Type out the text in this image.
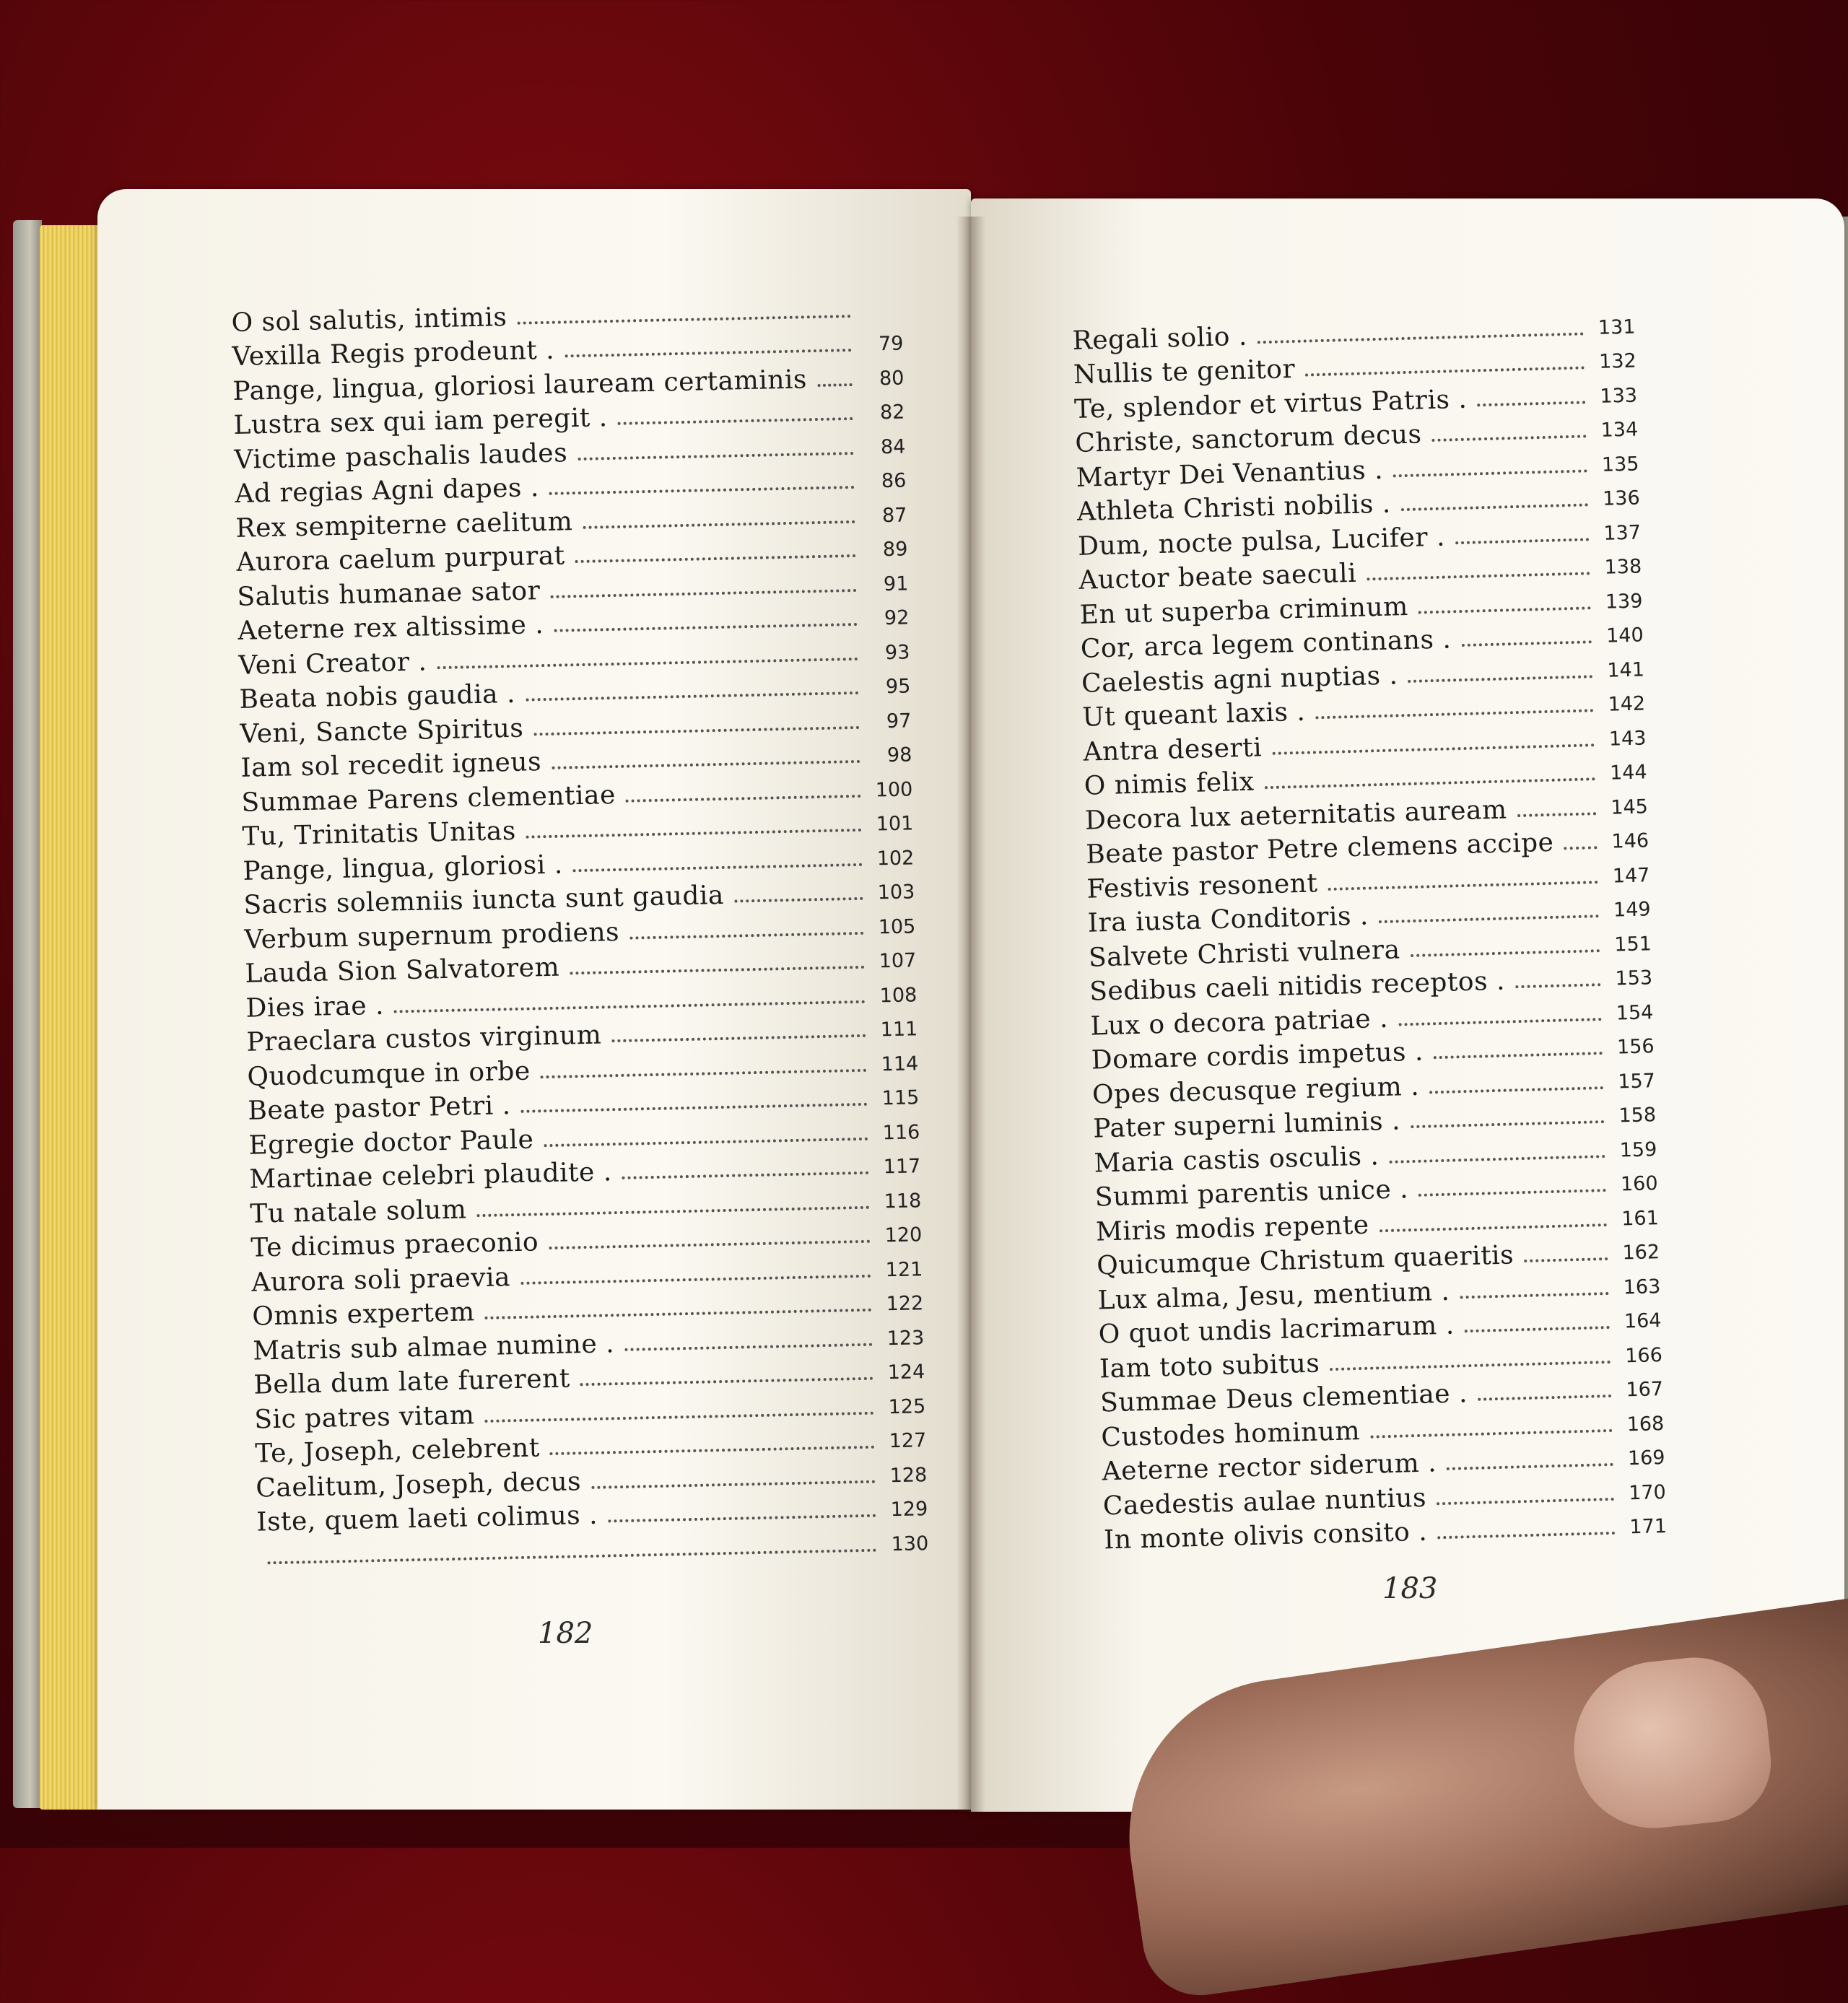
O sol salutis, intimis
Vexilla Regis prodeunt .	79
Pange, lingua, gloriosi lauream certaminis	80
Lustra sex qui iam peregit .	82
Victime paschalis laudes	84
Ad regias Agni dapes .	86
Rex sempiterne caelitum	87
Aurora caelum purpurat	89
Salutis humanae sator	91
Aeterne rex altissime .	92
Veni Creator .	93
Beata nobis gaudia .	95
Veni, Sancte Spiritus	97
Iam sol recedit igneus	98
Summae Parens clementiae	100
Tu, Trinitatis Unitas	101
Pange, lingua, gloriosi .	102
Sacris solemniis iuncta sunt gaudia	103
Verbum supernum prodiens	105
Lauda Sion Salvatorem	107
Dies irae .	108
Praeclara custos virginum	111
Quodcumque in orbe	114
Beate pastor Petri .	115
Egregie doctor Paule	116
Martinae celebri plaudite .	117
Tu natale solum	118
Te dicimus praeconio	120
Aurora soli praevia	121
Omnis expertem	122
Matris sub almae numine .	123
Bella dum late furerent	124
Sic patres vitam	125
Te, Joseph, celebrent	127
Caelitum, Joseph, decus	128
Iste, quem laeti colimus .	129
130
Regali solio .	131
Nullis te genitor	132
Te, splendor et virtus Patris .	133
Christe, sanctorum decus	134
Martyr Dei Venantius .	135
Athleta Christi nobilis .	136
Dum, nocte pulsa, Lucifer .	137
Auctor beate saeculi	138
En ut superba criminum	139
Cor, arca legem continans .	140
Caelestis agni nuptias .	141
Ut queant laxis .	142
Antra deserti	143
O nimis felix	144
Decora lux aeternitatis auream	145
Beate pastor Petre clemens accipe	146
Festivis resonent	147
Ira iusta Conditoris .	149
Salvete Christi vulnera	151
Sedibus caeli nitidis receptos .	153
Lux o decora patriae .	154
Domare cordis impetus .	156
Opes decusque regium .	157
Pater superni luminis .	158
Maria castis osculis .	159
Summi parentis unice .	160
Miris modis repente	161
Quicumque Christum quaeritis	162
Lux alma, Jesu, mentium .	163
O quot undis lacrimarum .	164
Iam toto subitus	166
Summae Deus clementiae .	167
Custodes hominum	168
Aeterne rector siderum .	169
Caedestis aulae nuntius	170
In monte olivis consito .	171
182
183
